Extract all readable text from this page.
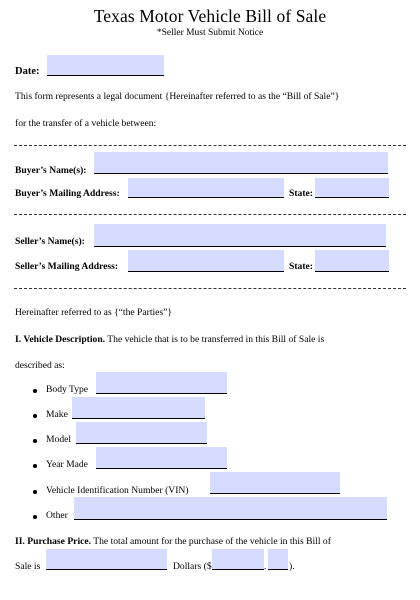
Texas Motor Vehicle Bill of Sale
*Seller Must Submit Notice
Date:
This form represents a legal document {Hereinafter referred to as the “Bill of Sale”}
for the transfer of a vehicle between:
Buyer’s Name(s):
Buyer’s Mailing Address:	State:
Seller’s Name(s):
Seller’s Mailing Address:	State:
Hereinafter referred to as {“the Parties”}
I. Vehicle Description. The vehicle that is to be transferred in this Bill of Sale is
described as:
Body Type
Make
Model
Year Made
Vehicle Identification Number (VIN)
Other
II. Purchase Price. The total amount for the purchase of the vehicle in this Bill of
Sale is	Dollars ($	. ).
